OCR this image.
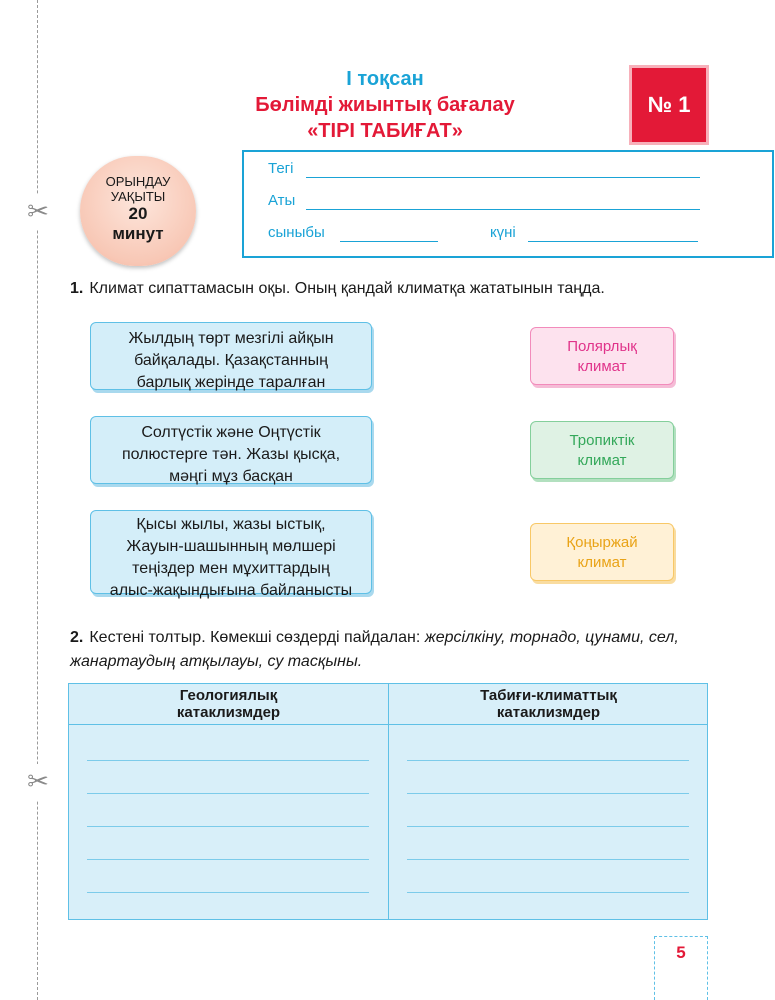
✂
✂
І тоқсан
Бөлімді жиынтық бағалау
«ТІРІ ТАБИҒАТ»
№ 1
ОРЫНДАУ
УАҚЫТЫ
20
минут
Тегі
Аты
сыныбы	күні
1. Климат сипаттамасын оқы. Оның қандай климатқа жататынын таңда.
Жылдың төрт мезгілі айқын
байқалады. Қазақстанның
барлық жерінде таралған
Солтүстік және Оңтүстік
полюстерге тән. Жазы қысқа,
мәңгі мұз басқан
Қысы жылы, жазы ыстық,
Жауын-шашынның мөлшері
теңіздер мен мұхиттардың
алыс-жақындығына байланысты
Полярлық
климат
Тропиктік
климат
Қоңыржай
климат
2. Кестені толтыр. Көмекші сөздерді пайдалан: жерсілкіну, торнадо, цунами, сел, жанартаудың атқылауы, су тасқыны.
Геологиялық
катаклизмдер
Табиғи-климаттық
катаклизмдер
5
